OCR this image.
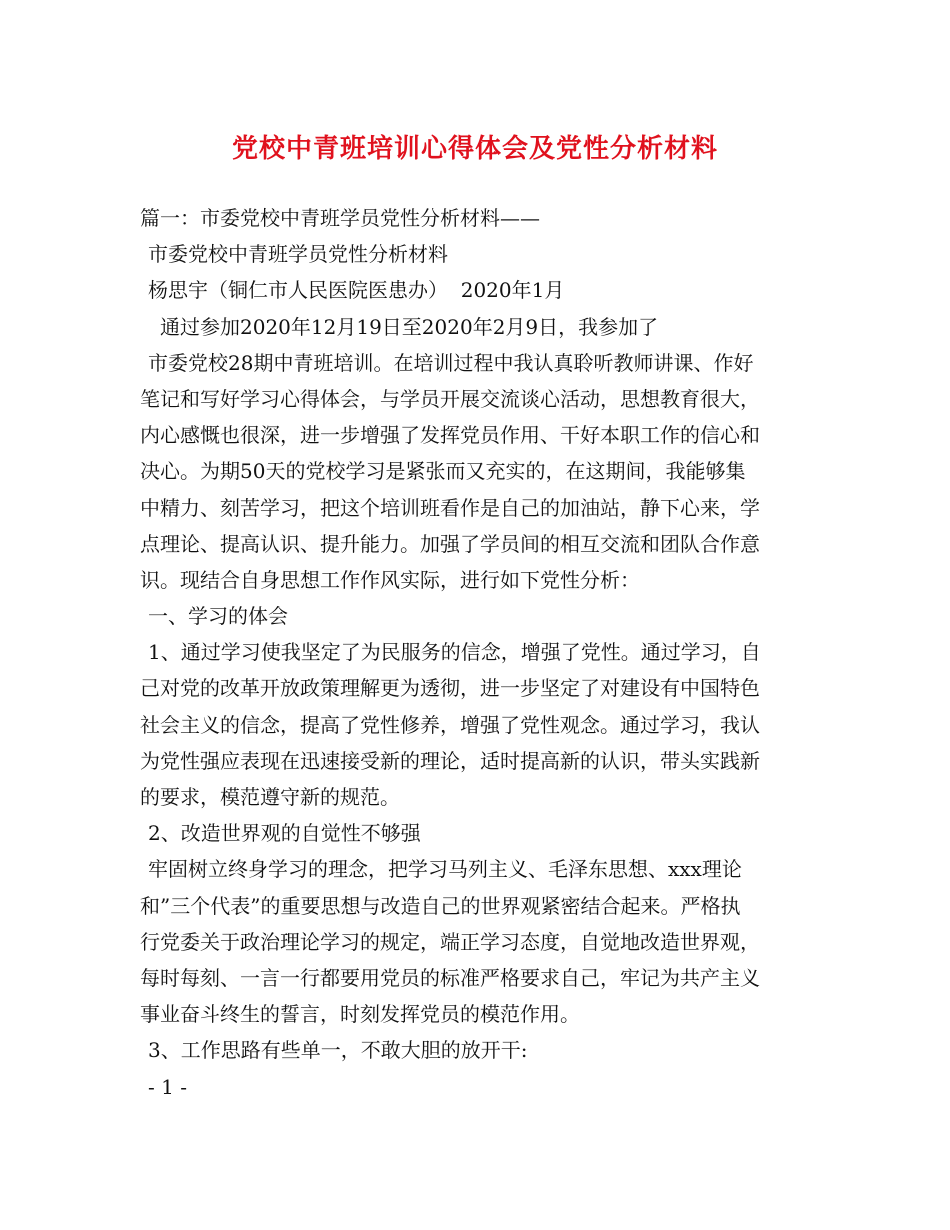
党校中青班培训心得体会及党性分析材料
篇一：市委党校中青班学员党性分析材料——
市委党校中青班学员党性分析材料
杨思宇（铜仁市人民医院医患办）  2020年1月
通过参加2020年12月19日至2020年2月9日，我参加了
市委党校28期中青班培训。在培训过程中我认真聆听教师讲课、作好
笔记和写好学习心得体会，与学员开展交流谈心活动，思想教育很大，
内心感慨也很深，进一步增强了发挥党员作用、干好本职工作的信心和
决心。为期50天的党校学习是紧张而又充实的，在这期间，我能够集
中精力、刻苦学习，把这个培训班看作是自己的加油站，静下心来，学
点理论、提高认识、提升能力。加强了学员间的相互交流和团队合作意
识。现结合自身思想工作作风实际，进行如下党性分析：
一、学习的体会
1、通过学习使我坚定了为民服务的信念，增强了党性。通过学习，自
己对党的改革开放政策理解更为透彻，进一步坚定了对建设有中国特色
社会主义的信念，提高了党性修养，增强了党性观念。通过学习，我认
为党性强应表现在迅速接受新的理论，适时提高新的认识，带头实践新
的要求，模范遵守新的规范。
2、改造世界观的自觉性不够强
牢固树立终身学习的理念，把学习马列主义、毛泽东思想、xxx理论
和”三个代表”的重要思想与改造自己的世界观紧密结合起来。严格执
行党委关于政治理论学习的规定，端正学习态度，自觉地改造世界观，
每时每刻、一言一行都要用党员的标准严格要求自己，牢记为共产主义
事业奋斗终生的誓言，时刻发挥党员的模范作用。
3、工作思路有些单一，不敢大胆的放开干:
- 1 -
